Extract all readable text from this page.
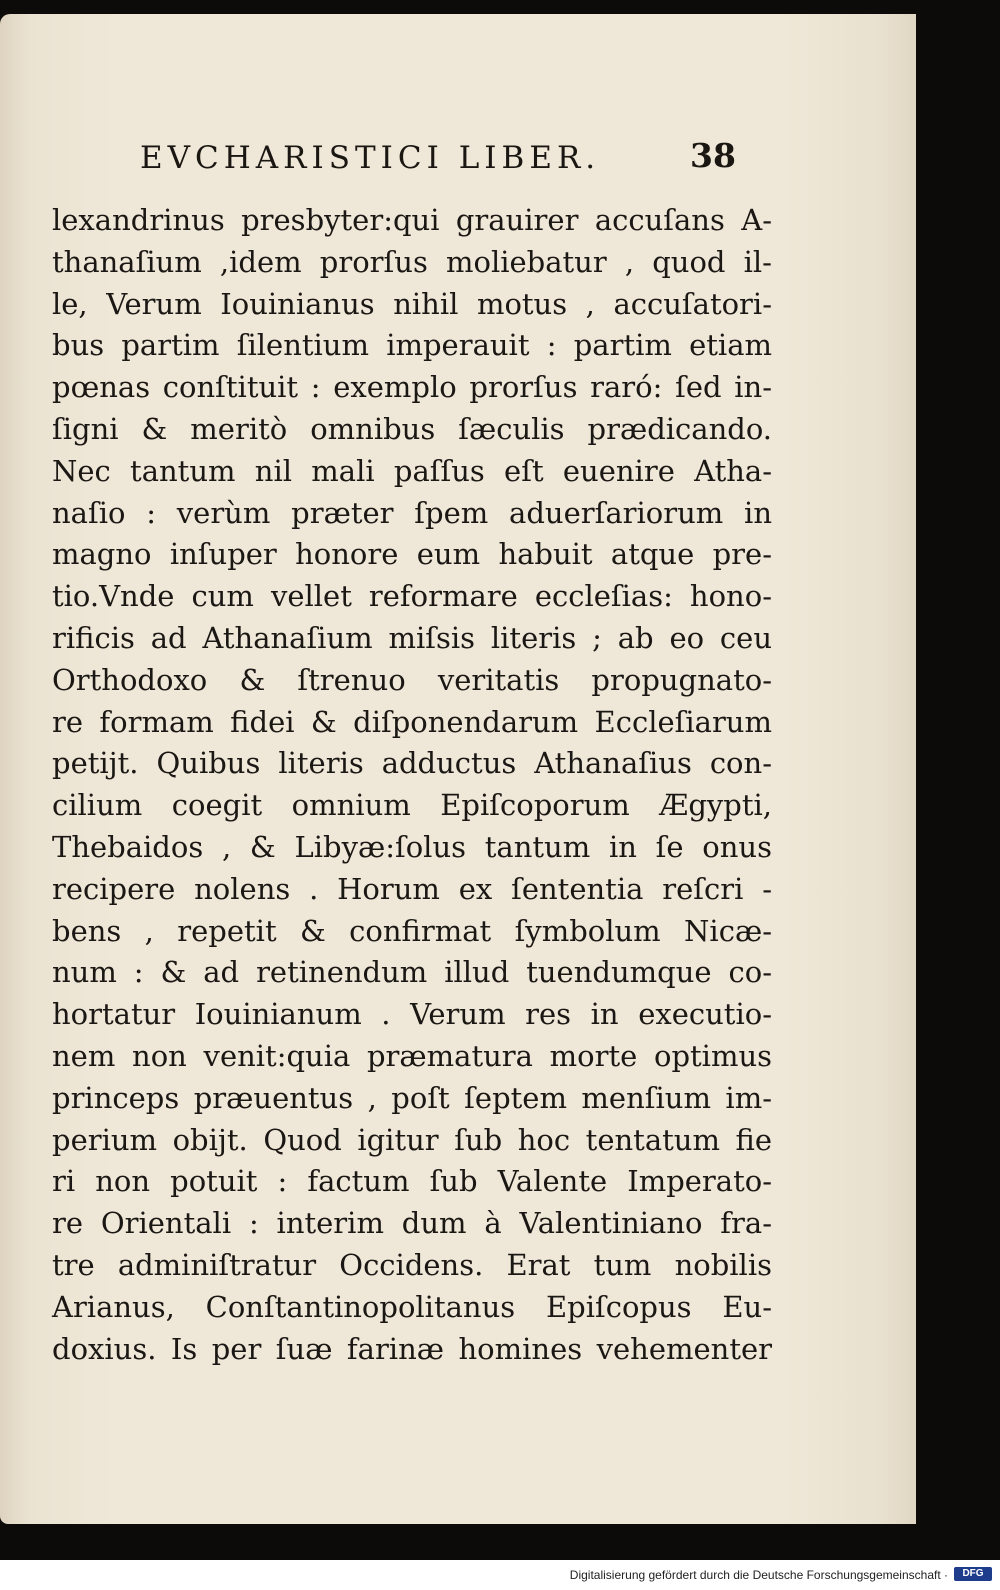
EVCHARISTICI LIBER.	38
lexandrinus presbyter:qui grauirer accuſans A-
thanaſium ,idem prorſus moliebatur , quod il-
le, Verum Iouinianus nihil motus , accuſatori-
bus partim ſilentium imperauit : partim etiam
pœnas conſtituit : exemplo prorſus raró: ſed in-
ſigni & meritò omnibus ſæculis prædicando.
Nec tantum nil mali paſſus eſt euenire Atha-
naſio : verùm præter ſpem aduerſariorum in
magno inſuper honore eum habuit atque pre-
tio.Vnde cum vellet reformare eccleſias: hono-
rificis ad Athanaſium miſsis literis ; ab eo ceu
Orthodoxo & ſtrenuo veritatis propugnato-
re formam fidei & diſponendarum Eccleſiarum
petijt. Quibus literis adductus Athanaſius con-
cilium coegit omnium Epiſcoporum Ægypti,
Thebaidos , & Libyæ:ſolus tantum in ſe onus
recipere nolens . Horum ex ſententia reſcri -
bens , repetit & confirmat ſymbolum Nicæ-
num : & ad retinendum illud tuendumque co-
hortatur Iouinianum . Verum res in executio-
nem non venit:quia præmatura morte optimus
princeps præuentus , poſt ſeptem menſium im-
perium obijt. Quod igitur ſub hoc tentatum fie
ri non potuit : factum ſub Valente Imperato-
re Orientali : interim dum à Valentiniano fra-
tre adminiſtratur Occidens. Erat tum nobilis
Arianus, Conſtantinopolitanus Epiſcopus Eu-
doxius. Is per ſuæ farinæ homines vehementer
Digitalisierung gefördert durch die Deutsche Forschungsgemeinschaft ·	DFG
